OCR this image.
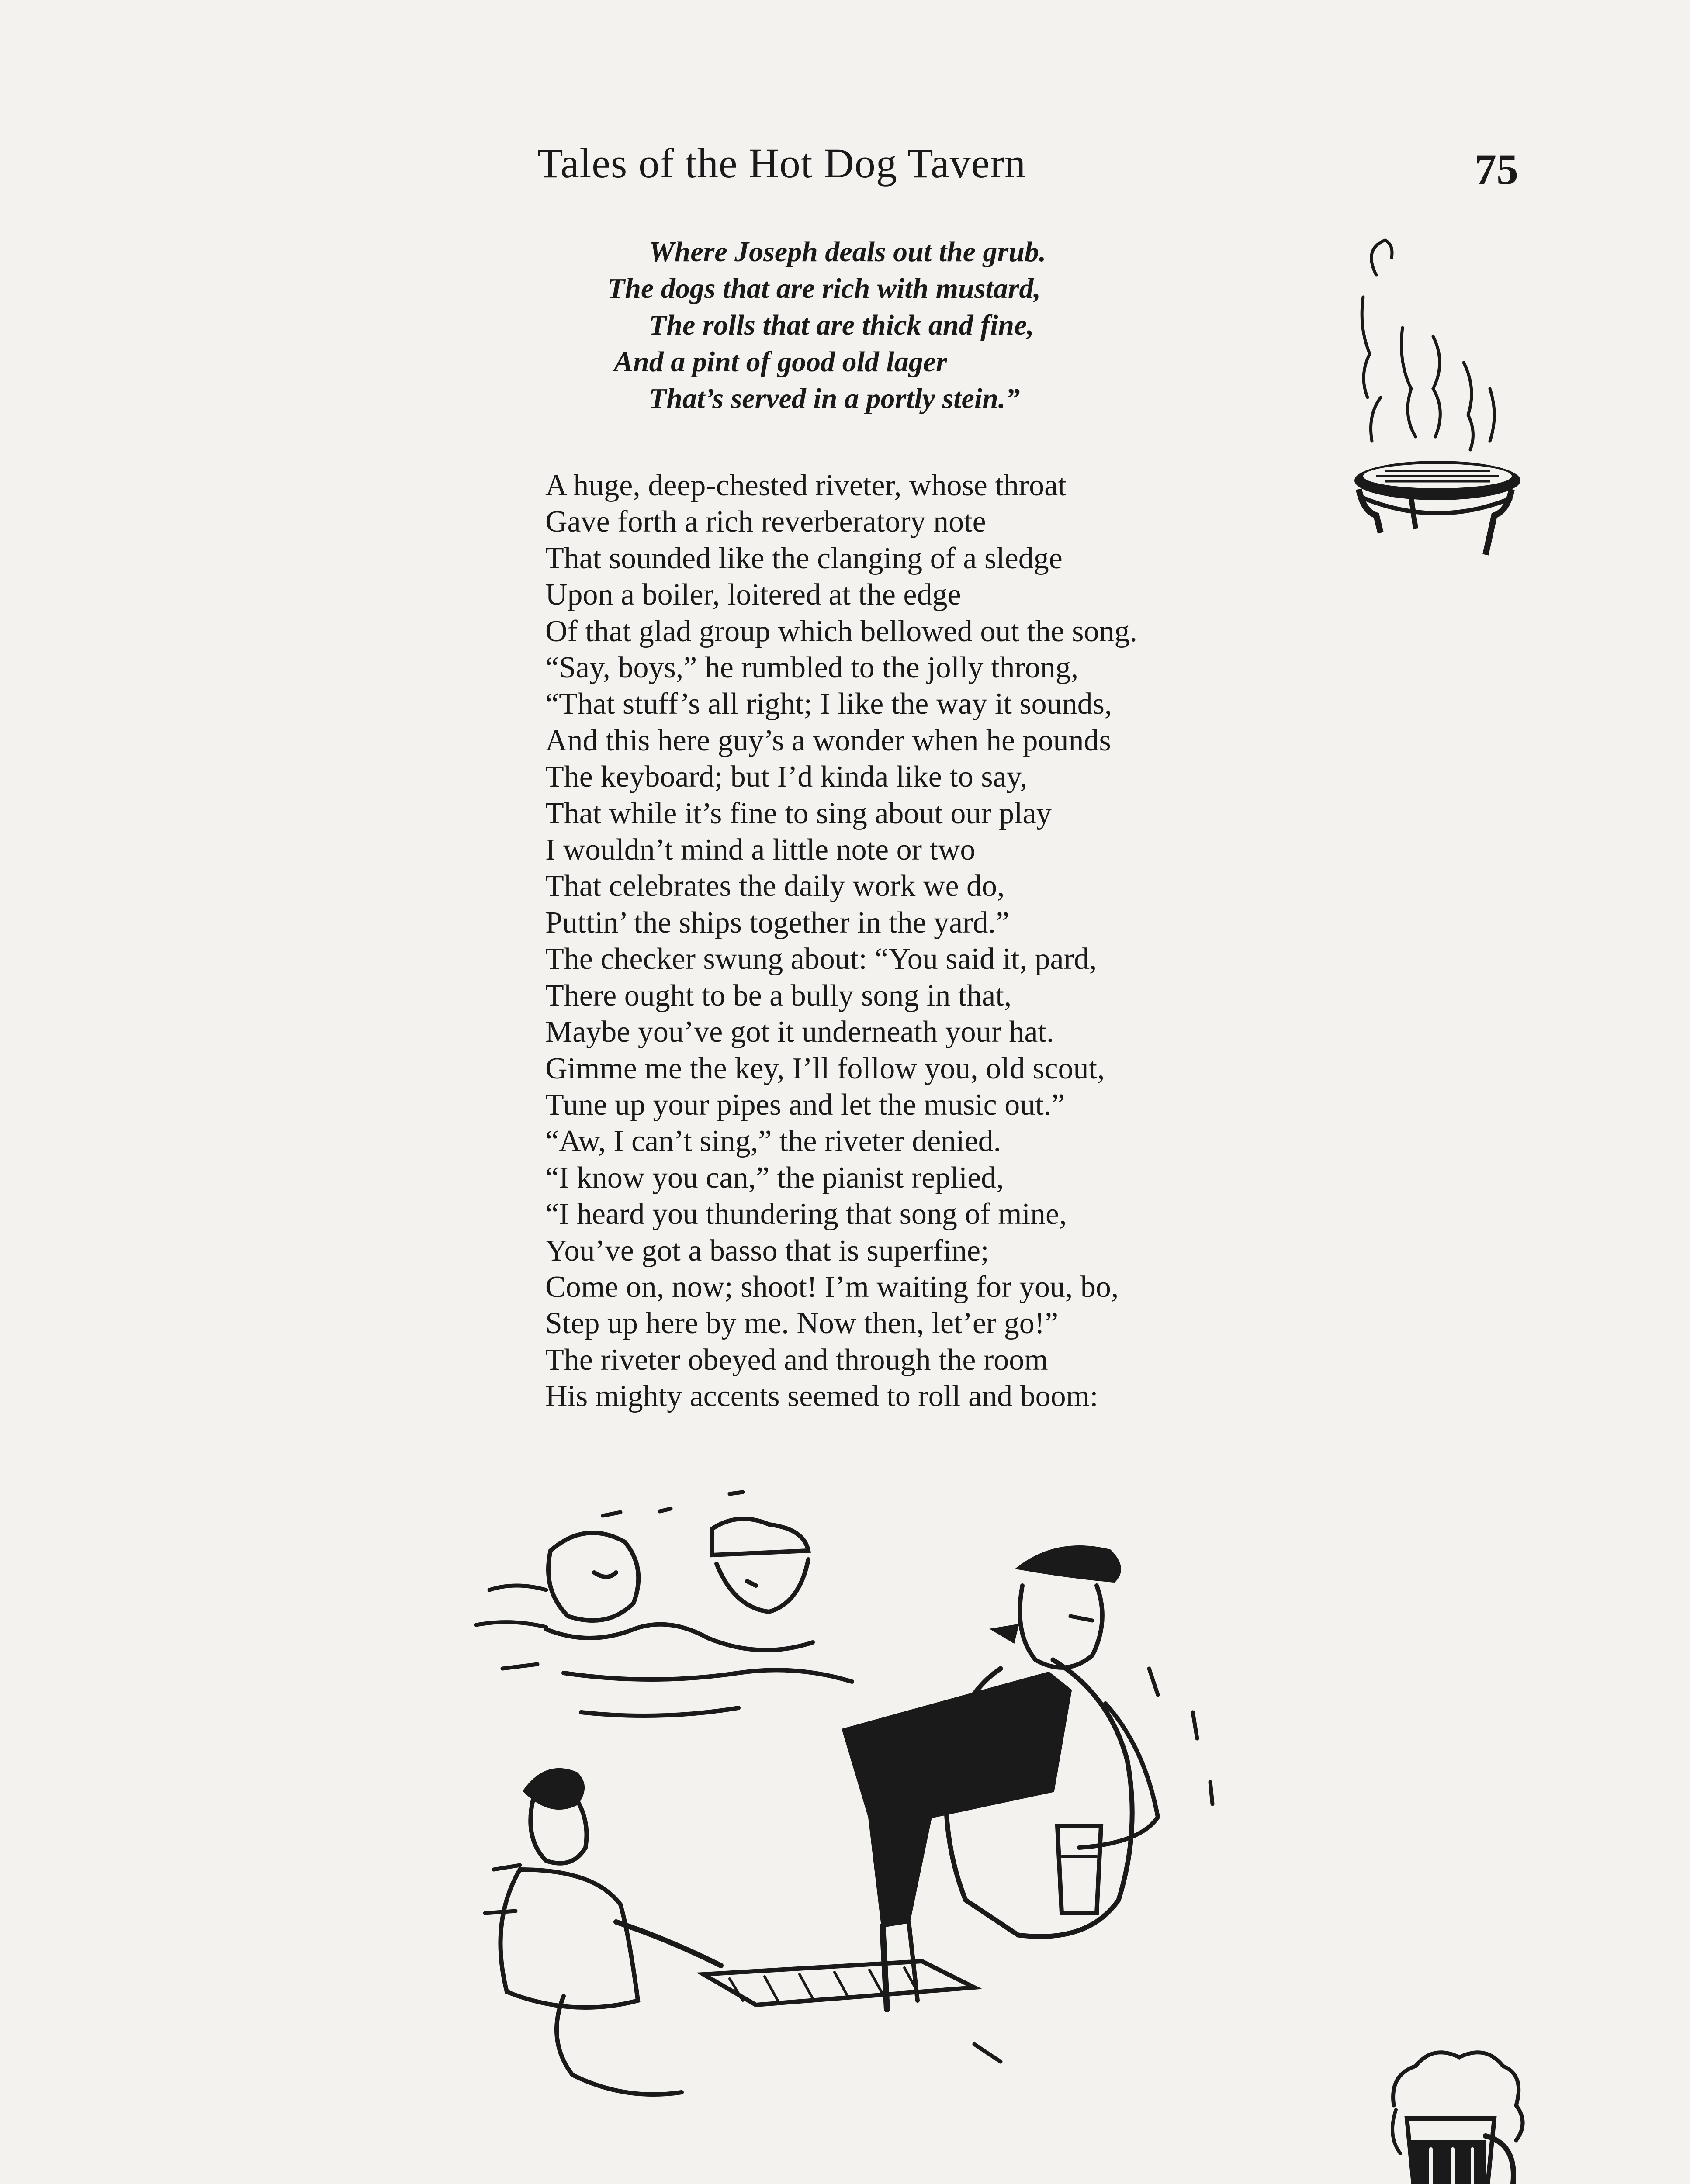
Tales of the Hot Dog Tavern	75
Where Joseph deals out the grub.
The dogs that are rich with mustard,
The rolls that are thick and fine,
And a pint of good old lager
That’s served in a portly stein.”
A huge, deep-chested riveter, whose throat
Gave forth a rich reverberatory note
That sounded like the clanging of a sledge
Upon a boiler, loitered at the edge
Of that glad group which bellowed out the song.
“Say, boys,” he rumbled to the jolly throng,
“That stuff’s all right; I like the way it sounds,
And this here guy’s a wonder when he pounds
The keyboard; but I’d kinda like to say,
That while it’s fine to sing about our play
I wouldn’t mind a little note or two
That celebrates the daily work we do,
Puttin’ the ships together in the yard.”
The checker swung about: “You said it, pard,
There ought to be a bully song in that,
Maybe you’ve got it underneath your hat.
Gimme me the key, I’ll follow you, old scout,
Tune up your pipes and let the music out.”
“Aw, I can’t sing,” the riveter denied.
“I know you can,” the pianist replied,
“I heard you thundering that song of mine,
You’ve got a basso that is superfine;
Come on, now; shoot! I’m waiting for you, bo,
Step up here by me. Now then, let’er go!”
The riveter obeyed and through the room
His mighty accents seemed to roll and boom:
